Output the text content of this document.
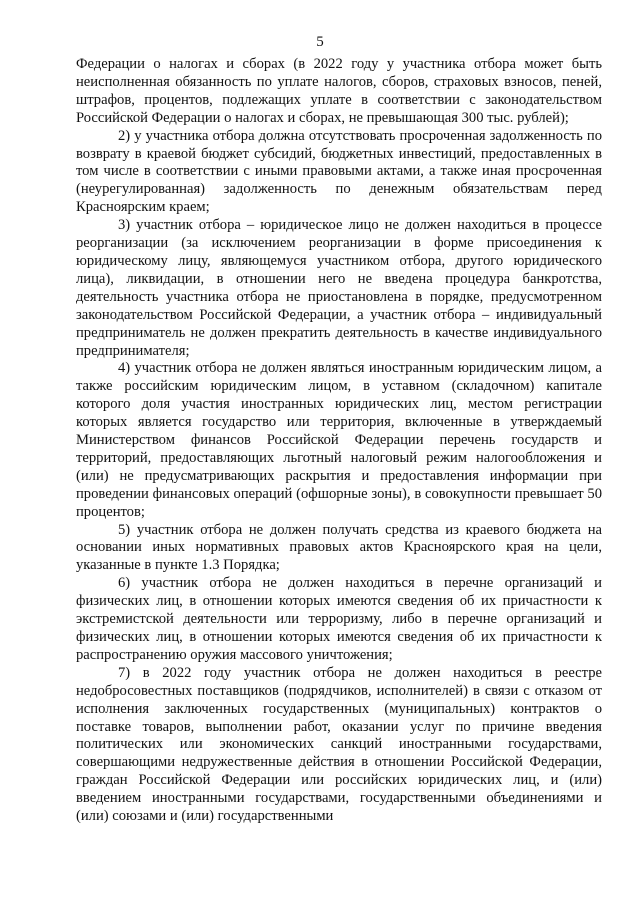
5

Федерации о налогах и сборах (в 2022 году у участника отбора может быть неисполненная обязанность по уплате налогов, сборов, страховых взносов, пеней, штрафов, процентов, подлежащих уплате в соответствии с законодательством Российской Федерации о налогах и сборах, не превышающая 300 тыс. рублей);

2) у участника отбора должна отсутствовать просроченная задолженность по возврату в краевой бюджет субсидий, бюджетных инвестиций, предоставленных в том числе в соответствии с иными правовыми актами, а также иная просроченная (неурегулированная) задолженность по денежным обязательствам перед Красноярским краем;

3) участник отбора – юридическое лицо не должен находиться в процессе реорганизации (за исключением реорганизации в форме присоединения к юридическому лицу, являющемуся участником отбора, другого юридического лица), ликвидации, в отношении него не введена процедура банкротства, деятельность участника отбора не приостановлена в порядке, предусмотренном законодательством Российской Федерации, а участник отбора – индивидуальный предприниматель не должен прекратить деятельность в качестве индивидуального предпринимателя;

4) участник отбора не должен являться иностранным юридическим лицом, а также российским юридическим лицом, в уставном (складочном) капитале которого доля участия иностранных юридических лиц, местом регистрации которых является государство или территория, включенные в утверждаемый Министерством финансов Российской Федерации перечень государств и территорий, предоставляющих льготный налоговый режим налогообложения и (или) не предусматривающих раскрытия и предоставления информации при проведении финансовых операций (офшорные зоны), в совокупности превышает 50 процентов;

5) участник отбора не должен получать средства из краевого бюджета на основании иных нормативных правовых актов Красноярского края на цели, указанные в пункте 1.3 Порядка;

6) участник отбора не должен находиться в перечне организаций и физических лиц, в отношении которых имеются сведения об их причастности к экстремистской деятельности или терроризму, либо в перечне организаций и физических лиц, в отношении которых имеются сведения об их причастности к распространению оружия массового уничтожения;

7) в 2022 году участник отбора не должен находиться в реестре недобросовестных поставщиков (подрядчиков, исполнителей) в связи с отказом от исполнения заключенных государственных (муниципальных) контрактов о поставке товаров, выполнении работ, оказании услуг по причине введения политических или экономических санкций иностранными государствами, совершающими недружественные действия в отношении Российской Федерации, граждан Российской Федерации или российских юридических лиц, и (или) введением иностранными государствами, государственными объединениями и (или) союзами и (или) государственными
